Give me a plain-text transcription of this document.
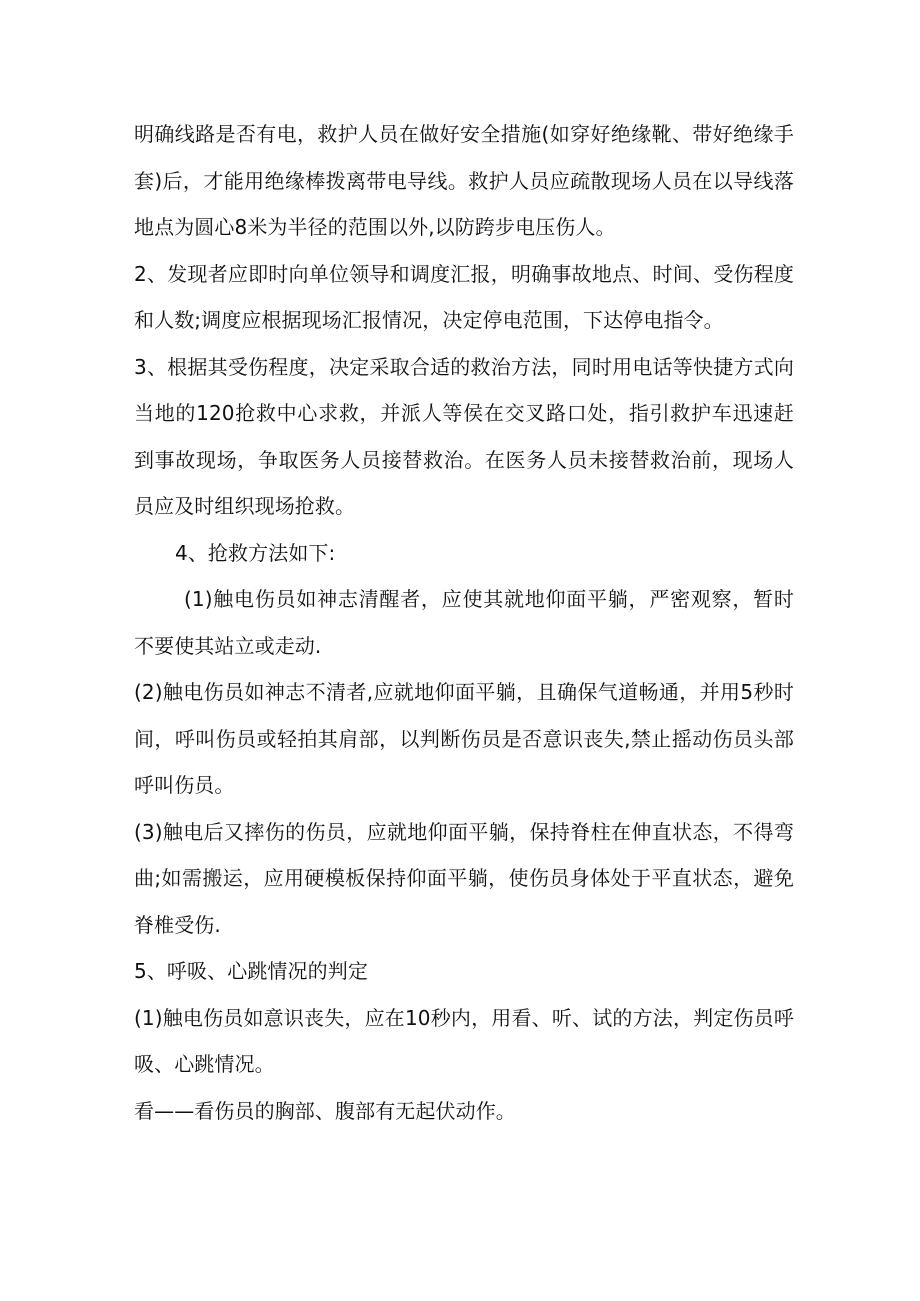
明确线路是否有电，救护人员在做好安全措施(如穿好绝缘靴、带好绝缘手套)后，才能用绝缘棒拨离带电导线。救护人员应疏散现场人员在以导线落地点为圆心8米为半径的范围以外,以防跨步电压伤人。

2、发现者应即时向单位领导和调度汇报，明确事故地点、时间、受伤程度和人数;调度应根据现场汇报情况，决定停电范围，下达停电指令。

3、根据其受伤程度，决定采取合适的救治方法，同时用电话等快捷方式向当地的120抢救中心求救，并派人等侯在交叉路口处，指引救护车迅速赶到事故现场，争取医务人员接替救治。在医务人员未接替救治前，现场人员应及时组织现场抢救。

4、抢救方法如下:

(1)触电伤员如神志清醒者，应使其就地仰面平躺，严密观察，暂时不要使其站立或走动.

(2)触电伤员如神志不清者,应就地仰面平躺，且确保气道畅通，并用5秒时间，呼叫伤员或轻拍其肩部，以判断伤员是否意识丧失,禁止摇动伤员头部呼叫伤员。

(3)触电后又摔伤的伤员，应就地仰面平躺，保持脊柱在伸直状态，不得弯曲;如需搬运，应用硬模板保持仰面平躺，使伤员身体处于平直状态，避免脊椎受伤.

5、呼吸、心跳情况的判定

(1)触电伤员如意识丧失，应在10秒内，用看、听、试的方法，判定伤员呼吸、心跳情况。

看——看伤员的胸部、腹部有无起伏动作。
